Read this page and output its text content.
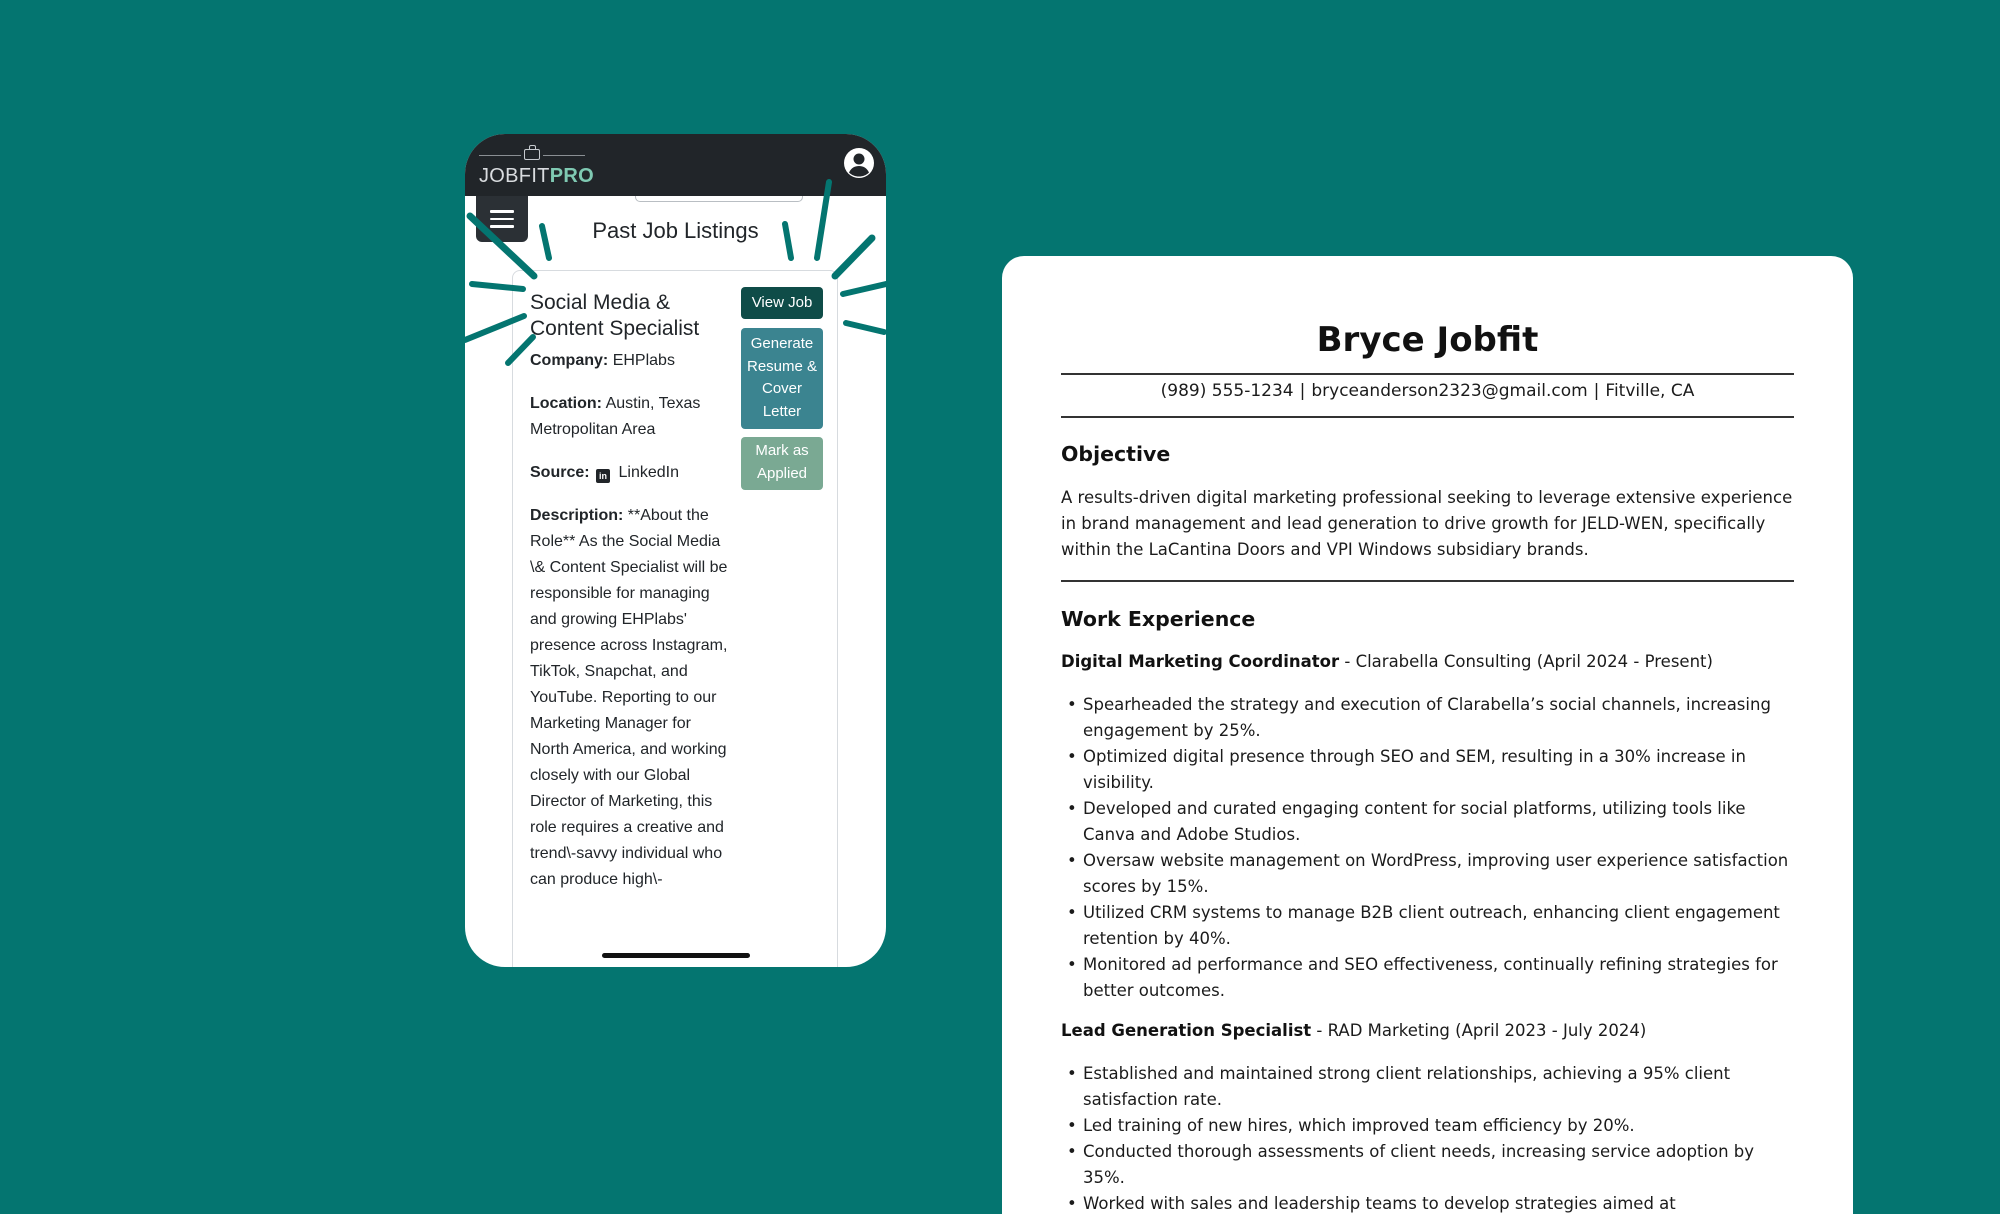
JOBFITPRO
Past Job Listings
Social Media & Content Specialist
Company: EHPlabs
Location: Austin, Texas Metropolitan Area
Source: in LinkedIn
Description: **About the Role** As the Social Media \& Content Specialist will be responsible for managing and growing EHPlabs' presence across Instagram, TikTok, Snapchat, and YouTube. Reporting to our Marketing Manager for North America, and working closely with our Global Director of Marketing, this role requires a creative and trend\-savvy individual who can produce high\-
View Job
Generate Resume & Cover Letter
Mark as Applied
Bryce Jobfit
(989) 555-1234 | bryceanderson2323@gmail.com | Fitville, CA
Objective
A results-driven digital marketing professional seeking to leverage extensive experience in brand management and lead generation to drive growth for JELD-WEN, specifically within the LaCantina Doors and VPI Windows subsidiary brands.
Work Experience
Digital Marketing Coordinator - Clarabella Consulting (April 2024 - Present)
• Spearheaded the strategy and execution of Clarabella’s social channels, increasing engagement by 25%.
• Optimized digital presence through SEO and SEM, resulting in a 30% increase in visibility.
• Developed and curated engaging content for social platforms, utilizing tools like Canva and Adobe Studios.
• Oversaw website management on WordPress, improving user experience satisfaction scores by 15%.
• Utilized CRM systems to manage B2B client outreach, enhancing client engagement retention by 40%.
• Monitored ad performance and SEO effectiveness, continually refining strategies for better outcomes.
Lead Generation Specialist - RAD Marketing (April 2023 - July 2024)
• Established and maintained strong client relationships, achieving a 95% client satisfaction rate.
• Led training of new hires, which improved team efficiency by 20%.
• Conducted thorough assessments of client needs, increasing service adoption by 35%.
• Worked with sales and leadership teams to develop strategies aimed at
